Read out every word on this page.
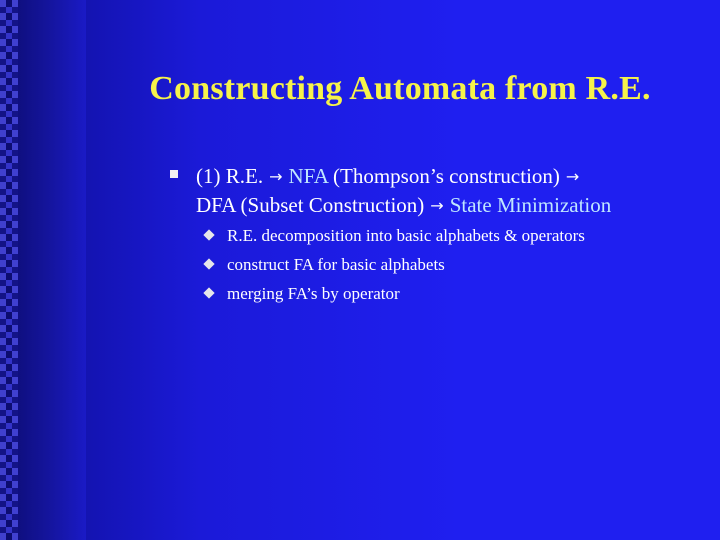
Constructing Automata from R.E.
(1) R.E. → NFA (Thompson’s construction) →
DFA (Subset Construction) → State Minimization
R.E. decomposition into basic alphabets & operators
construct FA for basic alphabets
merging FA’s by operator
